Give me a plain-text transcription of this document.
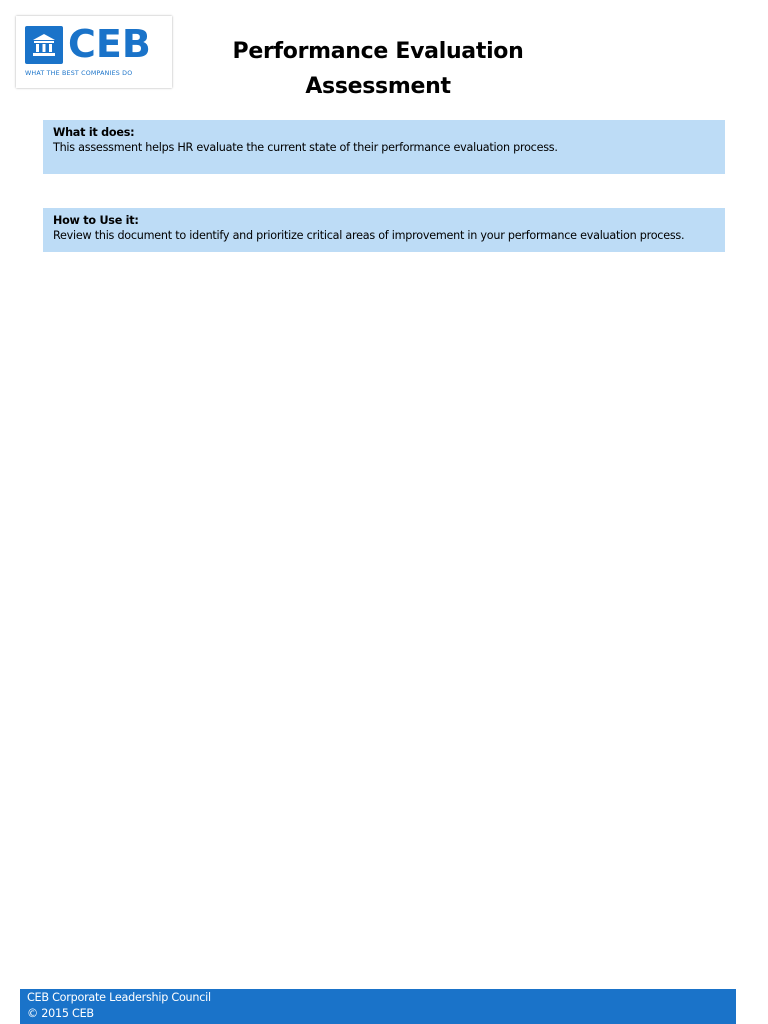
CEB
WHAT THE BEST COMPANIES DO
Performance Evaluation
Assessment
What it does:
This assessment helps HR evaluate the current state of their performance evaluation process.
How to Use it:
Review this document to identify and prioritize critical areas of improvement in your performance evaluation process.
CEB Corporate Leadership Council
© 2015 CEB
